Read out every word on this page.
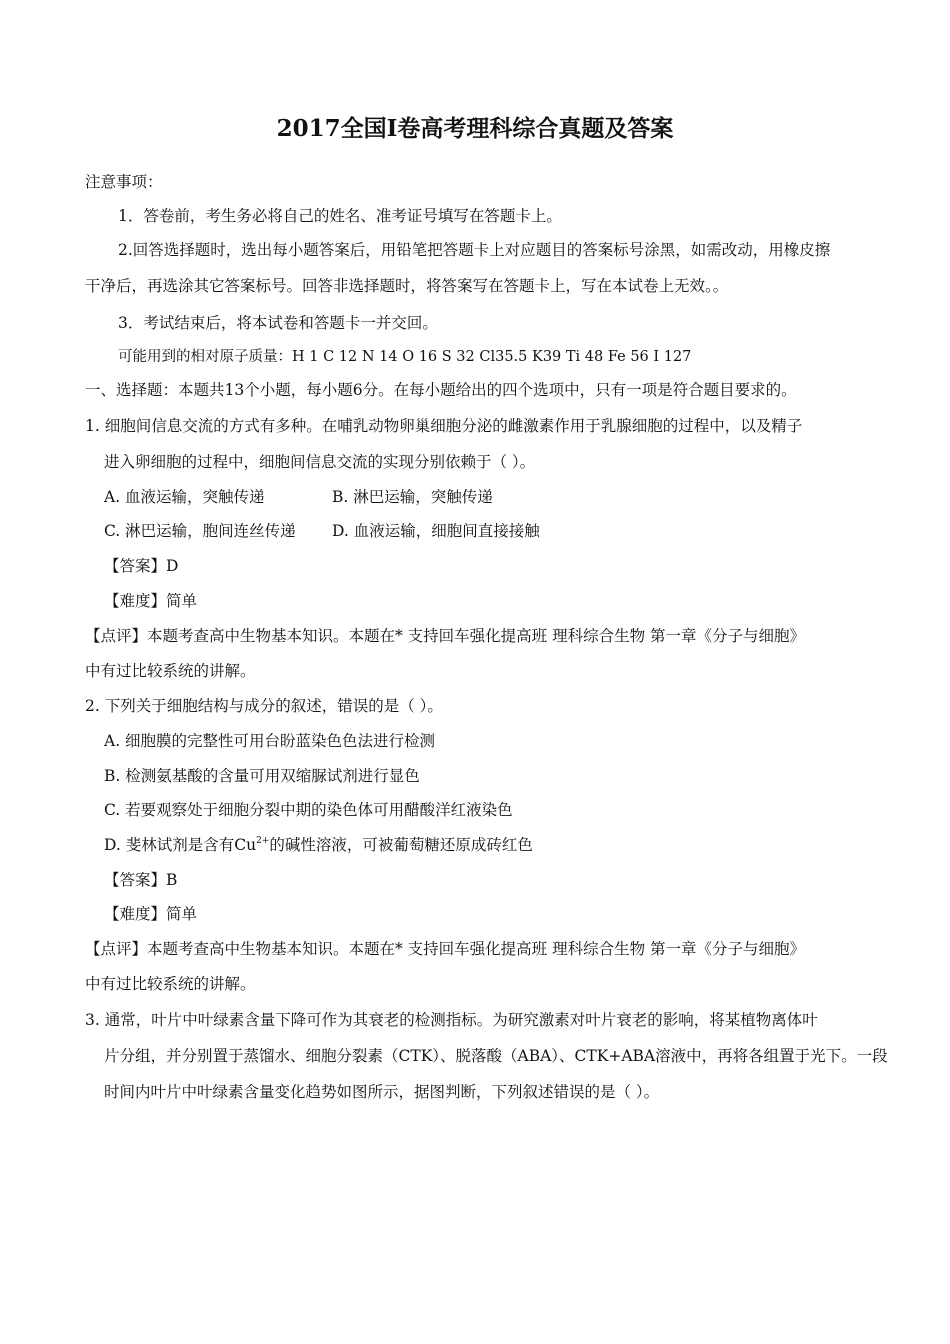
2017全国Ⅰ卷高考理科综合真题及答案
注意事项：
1．答卷前，考生务必将自己的姓名、准考证号填写在答题卡上。
2.回答选择题时，选出每小题答案后，用铅笔把答题卡上对应题目的答案标号涂黑，如需改动，用橡皮擦
干净后，再选涂其它答案标号。回答非选择题时，将答案写在答题卡上，写在本试卷上无效。。
3．考试结束后，将本试卷和答题卡一并交回。
可能用到的相对原子质量：H 1 C 12 N 14 O 16 S 32 Cl35.5 K39 Ti 48 Fe 56 I 127
一、选择题：本题共13个小题，每小题6分。在每小题给出的四个选项中，只有一项是符合题目要求的。
1. 细胞间信息交流的方式有多种。在哺乳动物卵巢细胞分泌的雌激素作用于乳腺细胞的过程中，以及精子
进入卵细胞的过程中，细胞间信息交流的实现分别依赖于（ ）。
A. 血液运输，突触传递	B. 淋巴运输，突触传递
C. 淋巴运输，胞间连丝传递 D. 血液运输，细胞间直接接触
【答案】D
【难度】简单
【点评】本题考查高中生物基本知识。本题在* 支持回车强化提高班 理科综合生物 第一章《分子与细胞》
中有过比较系统的讲解。
2. 下列关于细胞结构与成分的叙述，错误的是（ ）。
A. 细胞膜的完整性可用台盼蓝染色色法进行检测
B. 检测氨基酸的含量可用双缩脲试剂进行显色
C. 若要观察处于细胞分裂中期的染色体可用醋酸洋红液染色
D. 斐林试剂是含有$Cu^{2+}$的碱性溶液，可被葡萄糖还原成砖红色
【答案】B
【难度】简单
【点评】本题考查高中生物基本知识。本题在* 支持回车强化提高班 理科综合生物 第一章《分子与细胞》
中有过比较系统的讲解。
3. 通常，叶片中叶绿素含量下降可作为其衰老的检测指标。为研究激素对叶片衰老的影响，将某植物离体叶
片分组，并分别置于蒸馏水、细胞分裂素（CTK）、脱落酸（ABA）、CTK+ABA溶液中，再将各组置于光下。一段
时间内叶片中叶绿素含量变化趋势如图所示，据图判断，下列叙述错误的是（ ）。
